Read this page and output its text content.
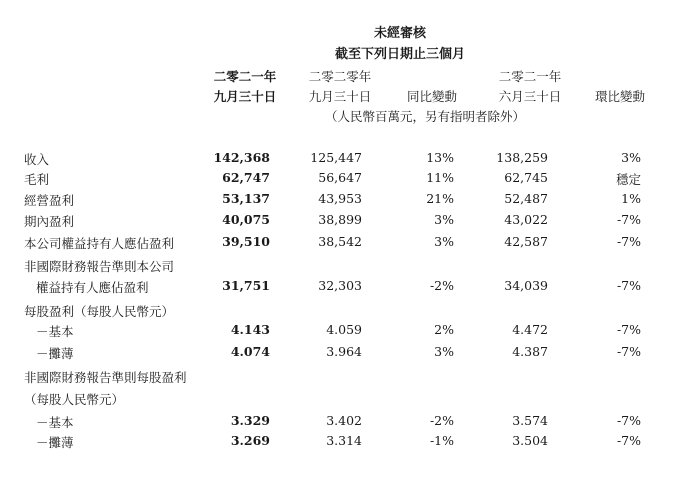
未經審核
截至下列日期止三個月
二零二一年
九月三十日
二零二零年
九月三十日	同比變動
二零二一年
六月三十日	環比變動
（人民幣百萬元，另有指明者除外）
收入	142,368	125,447	13%	138,259	3%
毛利	62,747	56,647	11%	62,745	穩定
經營盈利	53,137	43,953	21%	52,487	1%
期內盈利	40,075	38,899	3%	43,022	-7%
本公司權益持有人應佔盈利	39,510	38,542	3%	42,587	-7%
非國際財務報告準則本公司
權益持有人應佔盈利	31,751	32,303	-2%	34,039	-7%
每股盈利（每股人民幣元）
－基本	4.143	4.059	2%	4.472	-7%
－攤薄	4.074	3.964	3%	4.387	-7%
非國際財務報告準則每股盈利
（每股人民幣元）
－基本	3.329	3.402	-2%	3.574	-7%
－攤薄	3.269	3.314	-1%	3.504	-7%
